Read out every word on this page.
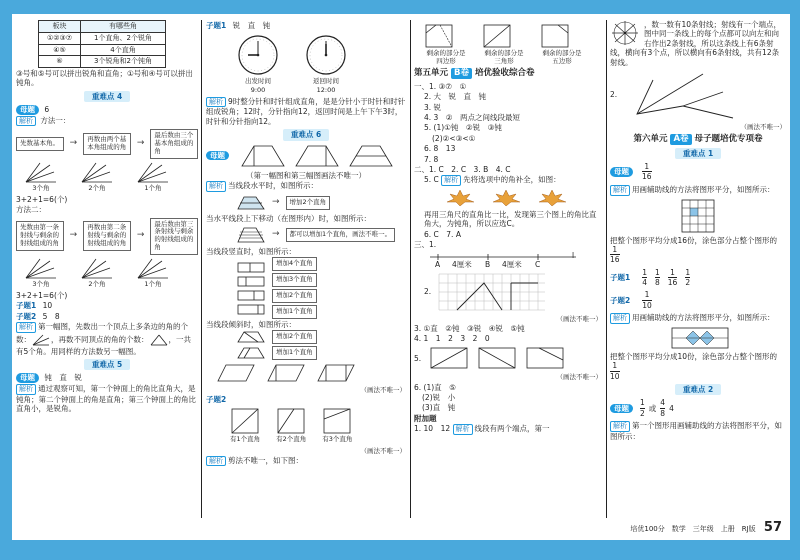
板块	有哪些角
①②③⑦	1个直角、2个锐角
④⑤	4个直角
⑥	3个锐角和2个钝角
③号和⑤号可以拼出锐角和直角；①号和④号可以拼出钝角。
重难点 4
母题 6
解析 方法一：
先数基本角。	→	再数由两个基本角组成的角	→
最后数由三个基本角组成的角
3个角	2个角	1个角
3+2+1=6(个)
方法二：
先数由第一条射线与剩余的射线组成的角
→
再数由第二条射线与剩余的射线组成的角
→
最后数由第三条射线与剩余的射线组成的角
3个角	2个角	1个角
3+2+1=6(个)
子题1 10
子题2 5　8
解析 第一幅图，先数出一个顶点上多条边的角的个数：	，再数不同顶点的角的个数：	，一共有5个角。用同样的方法数另一幅图。
重难点 5
母题 钝　直　锐
解析 通过观察可知，第一个钟面上的角比直角大，是钝角；第二个钟面上的角是直角；第三个钟面上的角比直角小，是锐角。
子题1 锐　直　钝
出发时间
9:00
返回时间
12:00
解析 9时整分针和时针组成直角，是是分针小于时针和时针组成锐角；12时，分针指向12，返回时间是上午下午3时，时针和分针指向12。
重难点 6
母题
（第一幅图和第三幅图画法不唯一）
解析 当线段水平时，如图所示：
→	增加2个直角
当水平线段上下移动（在图形内）时，如图所示：
→	都可以增加1个直角，画法不唯一。
当线段竖直时，如图所示：
增加4个直角
增加3个直角
增加2个直角
增加1个直角
当线段倾斜时，如图所示：
增加2个直角
增加1个直角
（画法不唯一）
子题2
有1个直角 有2个直角 有3个直角
（画法不唯一）
解析 剪法不唯一，如下图：
剩余的部分是四边形
剩余的部分是三角形
剩余的部分是五边形
第五单元 B卷 培优验收综合卷
一、1. ③⑦　①
2. 大　锐　直　钝
3. 锐
4. 3　②　两点之间线段最短
5. (1)①钝　②锐　③钝
(2)②<③<①
6. 8　13
7. 8
二、1. C　2. C　3. B　4. C
5. C 解析 先将选项中的角补全，如图：
再用三角尺的直角比一比，发现第三个图上的角比直角大，为钝角，所以应选C。
6. C　7. A
三、1.
A 4厘米 B 4厘米 C
l
2.
（画法不唯一）
3. ①直　②钝　③锐　④锐　⑤钝
4. 1　1　2　3　2　0
5.
（画法不唯一）
6. (1)直　⑤
(2)锐　小
(3)直　钝
附加题
1. 10　12 解析 线段有两个端点，第一
，数一数有10条射线；射线有一个端点，图中同一条线上的每个点都可以向左和向右作出2条射线，所以这条线上有6条射线，横向有3个点，所以横向有6条射线，共有12条射线。
2.
（画法不唯一）
第六单元 A卷 母子题培优专项卷
重难点 1
母题	$\frac{1}{16}$
解析 用画辅助线的方法将图形平分，如图所示：
把整个图形平均分成16份，涂色部分占整个图形的
$\frac{1}{16}$
子题$1 \frac{1}{4} \frac{1}{8} \frac{1}{16} \frac{1}{2}$
子题$2 \frac{1}{10}$
解析 用画辅助线的方法将图形平分，如图所示：
把整个图形平均分成10份，涂色部分占整个图形的
$\frac{1}{10}$
重难点 2
母题	$\frac{1}{2}$ 或 $\frac{4}{8} 4$
解析 第一个图形用画辅助线的方法将图形平分，如图所示：
培优100分　数学　三年级　上册　RJ版 57
